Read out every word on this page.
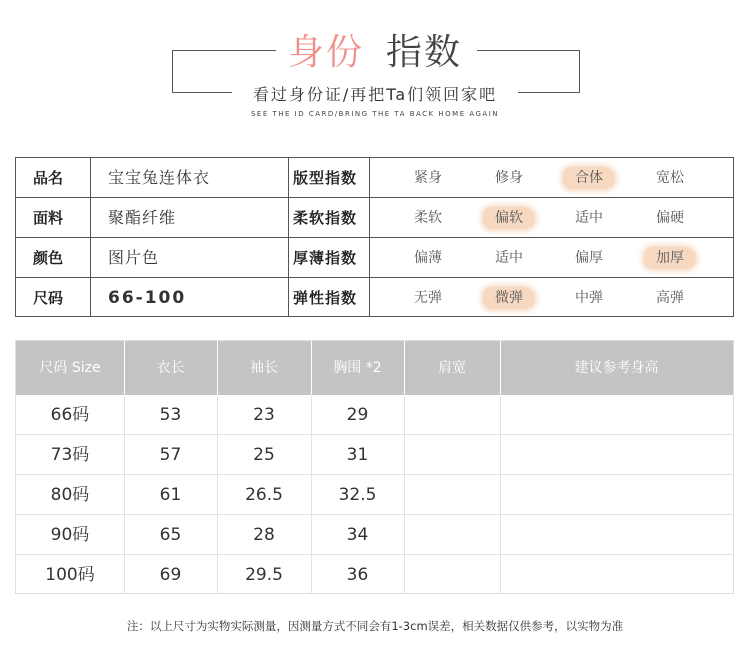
身份 指数
看过身份证/再把Ta们领回家吧
SEE THE ID CARD/BRING THE TA BACK HOME AGAIN
品名	宝宝兔连体衣	版型指数	紧身	修身	合体	宽松
面料	聚酯纤维	柔软指数	柔软	偏软	适中	偏硬
颜色	图片色	厚薄指数	偏薄	适中	偏厚	加厚
尺码	66-100	弹性指数	无弹	微弹	中弹	高弹
尺码 Size	衣长	袖长	胸围 *2	肩宽	建议参考身高
66码	53	23	29
73码	57	25	31
80码	61	26.5	32.5
90码	65	28	34
100码	69	29.5	36
注：以上尺寸为实物实际测量，因测量方式不同会有1-3cm误差，相关数据仅供参考，以实物为准
